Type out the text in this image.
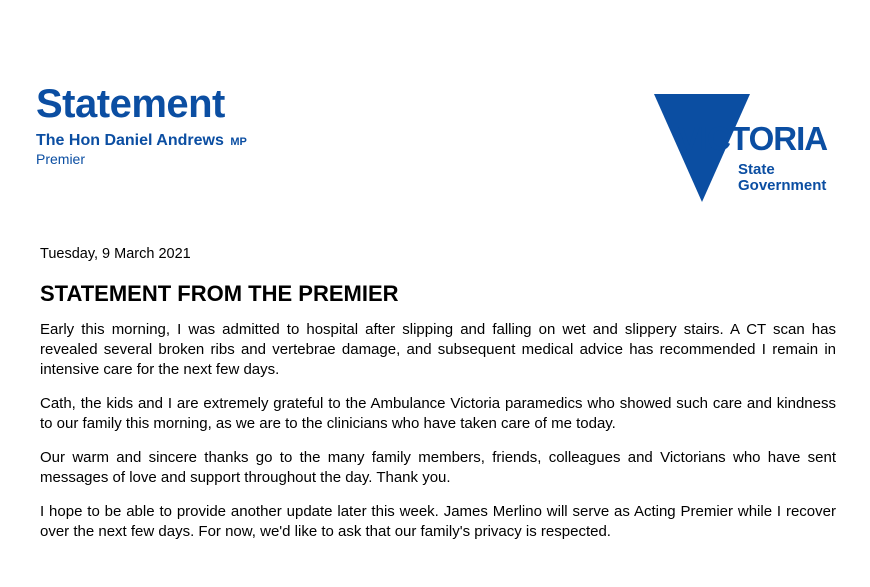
Statement
The Hon Daniel Andrews MP
Premier
VICTORIA
State
Government
Tuesday, 9 March 2021
STATEMENT FROM THE PREMIER

Early this morning, I was admitted to hospital after slipping and falling on wet and slippery stairs. A CT scan has revealed several broken ribs and vertebrae damage, and subsequent medical advice has recommended I remain in intensive care for the next few days.

Cath, the kids and I are extremely grateful to the Ambulance Victoria paramedics who showed such care and kindness to our family this morning, as we are to the clinicians who have taken care of me today.

Our warm and sincere thanks go to the many family members, friends, colleagues and Victorians who have sent messages of love and support throughout the day. Thank you.

I hope to be able to provide another update later this week. James Merlino will serve as Acting Premier while I recover over the next few days. For now, we'd like to ask that our family's privacy is respected.
